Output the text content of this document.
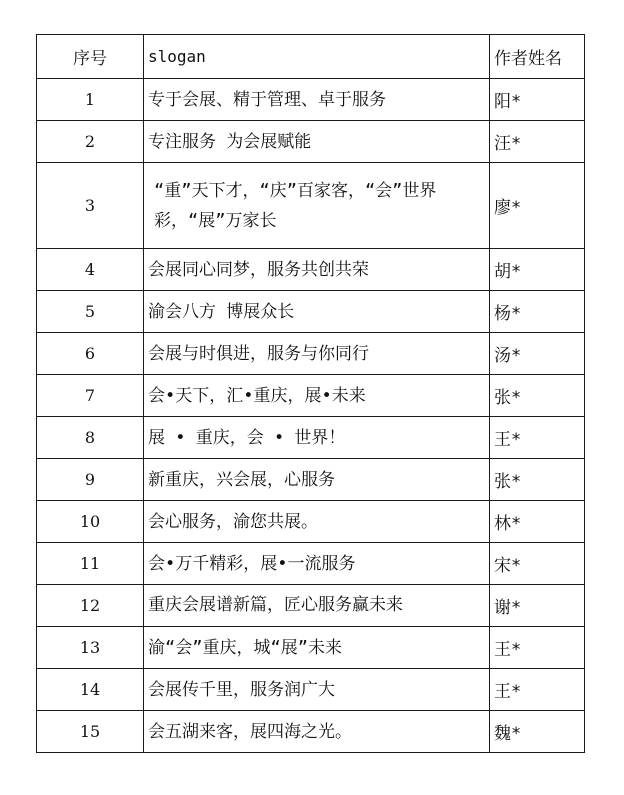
序号	slogan	作者姓名
1	专于会展、精于管理、卓于服务	阳*
2	专注服务 为会展赋能	汪*
3	“重”天下才，“庆”百家客，“会”世界彩，“展”万家长	廖*
4	会展同心同梦，服务共创共荣	胡*
5	渝会八方 博展众长	杨*
6	会展与时俱进，服务与你同行	汤*
7	会•天下，汇•重庆，展•未来	张*
8	展 • 重庆，会 • 世界！	王*
9	新重庆，兴会展，心服务	张*
10	会心服务，渝您共展。	林*
11	会•万千精彩，展•一流服务	宋*
12	重庆会展谱新篇，匠心服务赢未来	谢*
13	渝“会”重庆，城“展”未来	王*
14	会展传千里，服务润广大	王*
15	会五湖来客，展四海之光。	魏*
